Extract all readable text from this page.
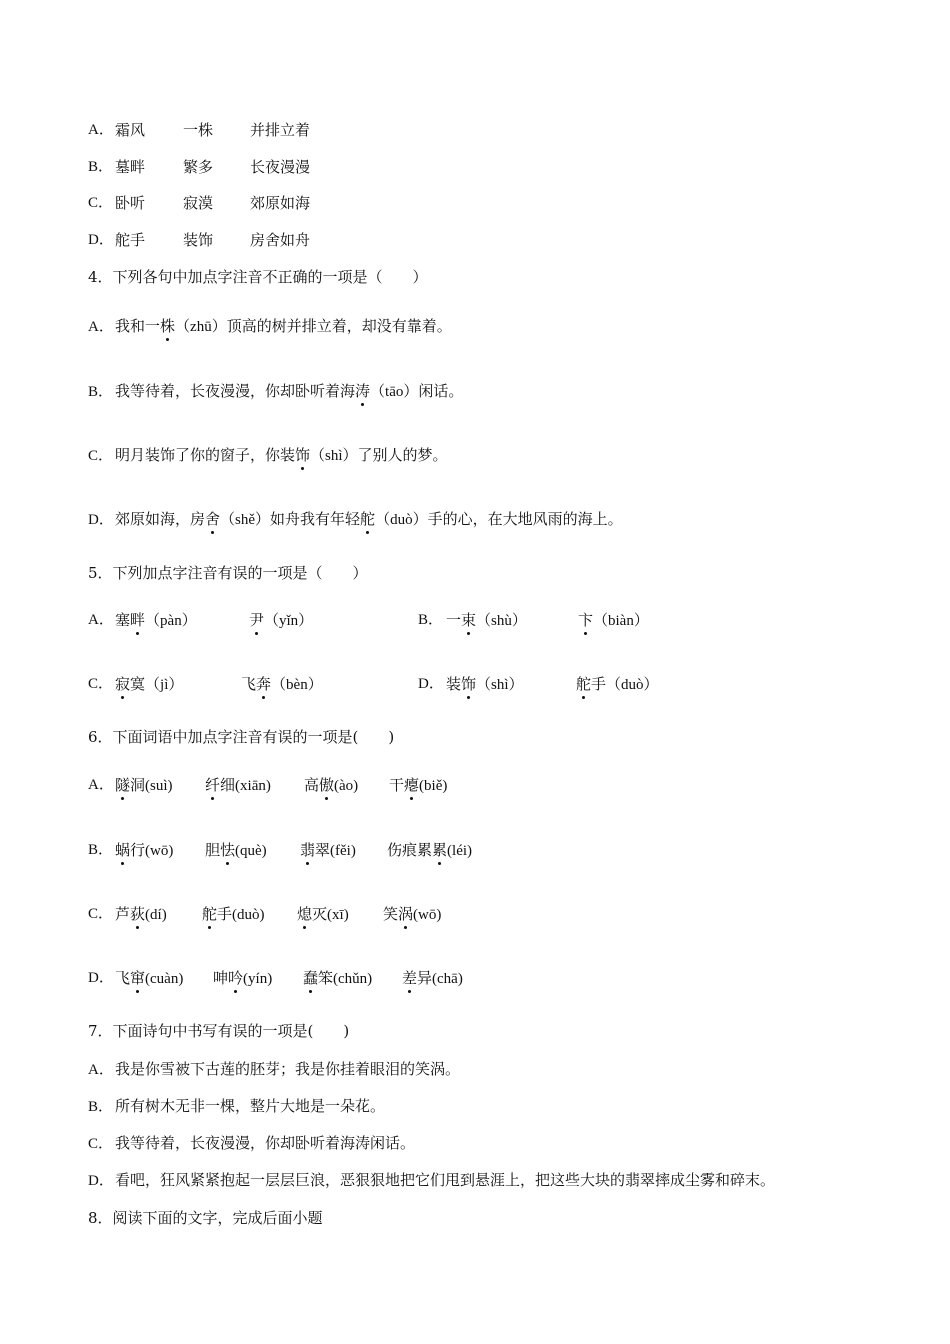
A． 霜风	一株 并排立着
B． 墓畔	繁多 长夜漫漫
C． 卧听	寂漠 郊原如海
D． 舵手	装饰 房舍如舟
4．下列各句中加点字注音不正确的一项是（　　）
A．我和一株（zhū）顶高的树并排立着，却没有靠着。
B． 我等待着，长夜漫漫，你却卧听着海涛（tāo）闲话。
C． 明月装饰了你的窗子，你装饰（shì）了别人的梦。
D．郊原如海，房舍（shě）如舟我有年轻舵（duò）手的心，在大地风雨的海上。
5．下列加点字注音有误的一项是（　　）
A． 塞畔（pàn）	尹（yǐn）	B． 一束（shù）	卞（biàn）
C． 寂寞（jì）	飞奔（bèn）	D． 装饰（shì）	舵手（duò）
6．下面词语中加点字注音有误的一项是(　　)
A． 隧洞(suì) 纤细(xiān) 高傲(ào) 干瘪(biě)
B． 蜗行(wō) 胆怯(què) 翡翠(fěi) 伤痕累累(léi)
C． 芦荻(dí) 舵手(duò) 熄灭(xī) 笑涡(wō)
D． 飞窜(cuàn) 呻吟(yín) 蠢笨(chǔn) 差异(chā)
7．下面诗句中书写有误的一项是(　　)
A．我是你雪被下古莲的胚芽；我是你挂着眼泪的笑涡。
B． 所有树木无非一棵，整片大地是一朵花。
C． 我等待着，长夜漫漫，你却卧听着海涛闲话。
D．看吧，狂风紧紧抱起一层层巨浪，恶狠狠地把它们甩到悬涯上，把这些大块的翡翠摔成尘雾和碎末。
8．阅读下面的文字，完成后面小题
